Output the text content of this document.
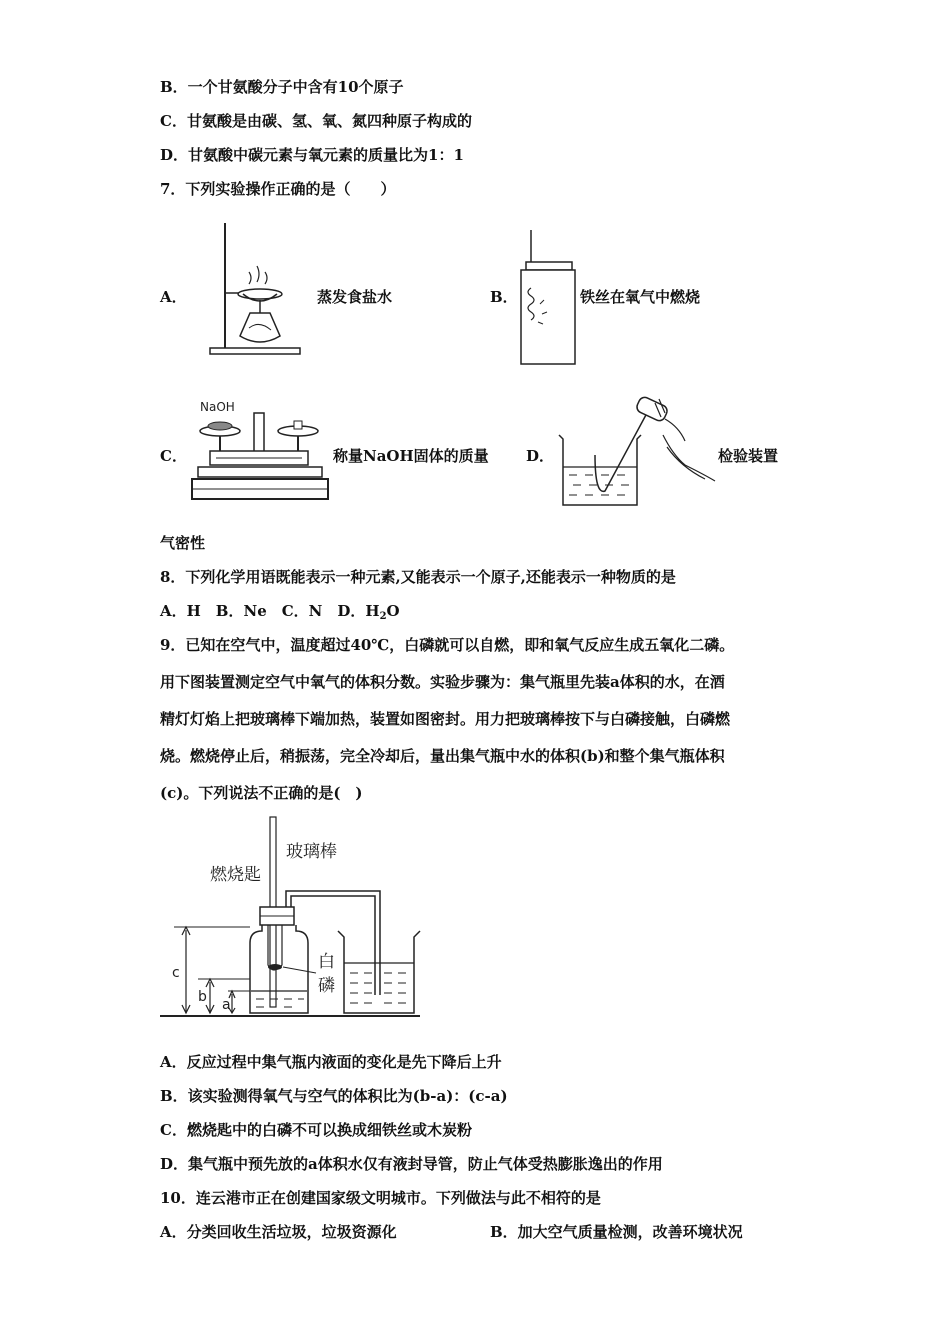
B．一个甘氨酸分子中含有10个原子
C．甘氨酸是由碳、氢、氧、氮四种原子构成的
D．甘氨酸中碳元素与氧元素的质量比为1：1
7．下列实验操作正确的是（　　）
A．	蒸发食盐水	B．	铁丝在氧气中燃烧
C．
NaOH
称量NaOH固体的质量 D．	检验装置
气密性
8．下列化学用语既能表示一种元素,又能表示一个原子,还能表示一种物质的是
A．H　B．Ne　C．N　D．$H_2O$
9．已知在空气中，温度超过40℃，白磷就可以自燃，即和氧气反应生成五氧化二磷。
用下图装置测定空气中氧气的体积分数。实验步骤为：集气瓶里先装a体积的水，在酒
精灯灯焰上把玻璃棒下端加热，装置如图密封。用力把玻璃棒按下与白磷接触，白磷燃
烧。燃烧停止后，稍振荡，完全冷却后，量出集气瓶中水的体积(b)和整个集气瓶体积
(c)。下列说法不正确的是(　)
玻璃棒
燃烧匙
白
磷
c
b a
A．反应过程中集气瓶内液面的变化是先下降后上升
B．该实验测得氧气与空气的体积比为(b-a)：(c-a)
C．燃烧匙中的白磷不可以换成细铁丝或木炭粉
D．集气瓶中预先放的a体积水仅有液封导管，防止气体受热膨胀逸出的作用
10．连云港市正在创建国家级文明城市。下列做法与此不相符的是
A．分类回收生活垃圾，垃圾资源化	B．加大空气质量检测，改善环境状况
